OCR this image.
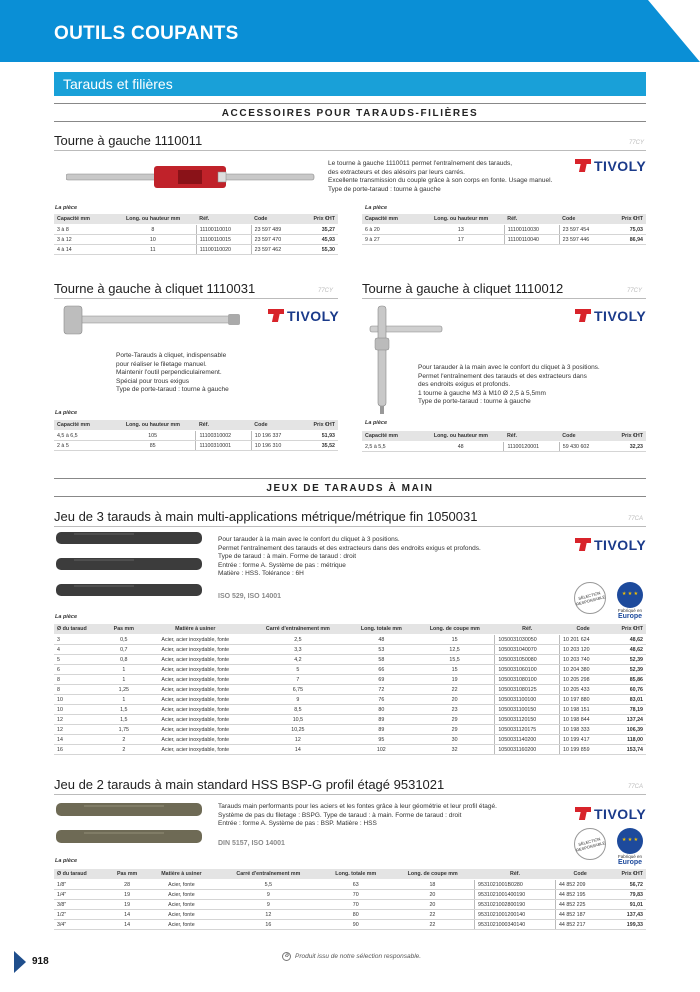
OUTILS COUPANTS
Tarauds et filières
ACCESSOIRES POUR TARAUDS-FILIÈRES
Tourne à gauche 1110011	77CY
Le tourne à gauche 1110011 permet l'entraînement des tarauds,
des extracteurs et des alésoirs par leurs carrés.
Excellente transmission du couple grâce à son corps en fonte. Usage manuel.
Type de porte-taraud : tourne à gauche
TIVOLY
La pièce
Capacité mm	Long. ou hauteur mm	Réf.	Code	Prix €HT
3 à 8	8	11100110010	23 597 489	35,27
3 à 12	10	11100110015	23 597 470	45,93
4 à 14	11	11100110020	23 597 462	55,30
La pièce
Capacité mm	Long. ou hauteur mm	Réf.	Code	Prix €HT
6 à 20	13	11100110030	23 597 454	75,03
9 à 27	17	11100110040	23 597 446	86,94
Tourne à gauche à cliquet 1110031	77CY
TIVOLY
Porte-Tarauds à cliquet, indispensable
pour réaliser le filetage manuel.
Maintenir l'outil perpendiculairement.
Spécial pour trous exigus
Type de porte-taraud : tourne à gauche
La pièce
Capacité mm	Long. ou hauteur mm	Réf.	Code	Prix €HT
4,5 à 6,5	105	11100310002	10 196 337	51,93
2 à 5	85	11100310001	10 196 310	35,52
Tourne à gauche à cliquet 1110012	77CY
TIVOLY
Pour tarauder à la main avec le confort du cliquet à 3 positions.
Permet l'entraînement des tarauds et des extracteurs dans
des endroits exigus et profonds.
1 tourne à gauche M3 à M10 Ø 2,5 à 5,5mm
Type de porte-taraud : tourne à gauche
La pièce
Capacité mm	Long. ou hauteur mm	Réf.	Code	Prix €HT
2,5 à 5,5	48	11100120001	59 430 602	32,23
JEUX DE TARAUDS À MAIN
Jeu de 3 tarauds à main multi-applications métrique/métrique fin 1050031	77CA
Pour tarauder à la main avec le confort du cliquet à 3 positions.
Permet l'entraînement des tarauds et des extracteurs dans des endroits exigus et profonds.
Type de taraud : à main. Forme de taraud : droit
Entrée : forme A. Système de pas : métrique
Matière : HSS. Tolérance : 6H
ISO 529, ISO 14001
TIVOLY
SÉLECTION RESPONSABLE
★ ★ ★
Fabriqué en
Europe
La pièce
Ø du taraud	Pas mm	Matière à usiner	Carré d'entraînement mm	Long. totale mm	Long. de coupe mm	Réf.	Code	Prix €HT
3	0,5	Acier, acier inoxydable, fonte	2,5	48	15	1050031030050	10 201 624	48,62
4	0,7	Acier, acier inoxydable, fonte	3,3	53	12,5	1050031040070	10 203 120	48,62
5	0,8	Acier, acier inoxydable, fonte	4,2	58	15,5	1050031050080	10 203 740	52,39
6	1	Acier, acier inoxydable, fonte	5	66	15	1050031060100	10 204 380	52,39
8	1	Acier, acier inoxydable, fonte	7	69	19	1050031080100	10 205 298	85,86
8	1,25	Acier, acier inoxydable, fonte	6,75	72	22	1050031080125	10 205 433	60,76
10	1	Acier, acier inoxydable, fonte	9	76	20	1050031100100	10 197 880	83,01
10	1,5	Acier, acier inoxydable, fonte	8,5	80	23	1050031100150	10 198 151	78,19
12	1,5	Acier, acier inoxydable, fonte	10,5	89	29	1050031120150	10 198 844	137,24
12	1,75	Acier, acier inoxydable, fonte	10,25	89	29	1050031120175	10 198 333	106,39
14	2	Acier, acier inoxydable, fonte	12	95	30	1050031140200	10 199 417	118,00
16	2	Acier, acier inoxydable, fonte	14	102	32	1050031160200	10 199 859	153,74
Jeu de 2 tarauds à main standard HSS BSP-G profil étagé 9531021	77CA
Tarauds main performants pour les aciers et les fontes grâce à leur géométrie et leur profil étagé.
Système de pas du filetage : BSPG. Type de taraud : à main. Forme de taraud : droit
Entrée : forme A. Système de pas : BSP. Matière : HSS
DIN 5157, ISO 14001
TIVOLY
SÉLECTION RESPONSABLE
★ ★ ★
Fabriqué en
Europe
La pièce
Ø du taraud	Pas mm	Matière à usiner	Carré d'entraînement mm	Long. totale mm	Long. de coupe mm	Réf.	Code	Prix €HT
1/8"	28	Acier, fonte	5,5	63	18	9531021001B0280	44 852 209	56,72
1/4"	19	Acier, fonte	9	70	20	9531021001400190	44 852 195	79,83
3/8"	19	Acier, fonte	9	70	20	9531021002800190	44 852 225	91,01
1/2"	14	Acier, fonte	12	80	22	9531021001200140	44 852 187	137,43
3/4"	14	Acier, fonte	16	90	22	9531021000340140	44 852 217	199,33
918	♻ Produit issu de notre sélection responsable.
